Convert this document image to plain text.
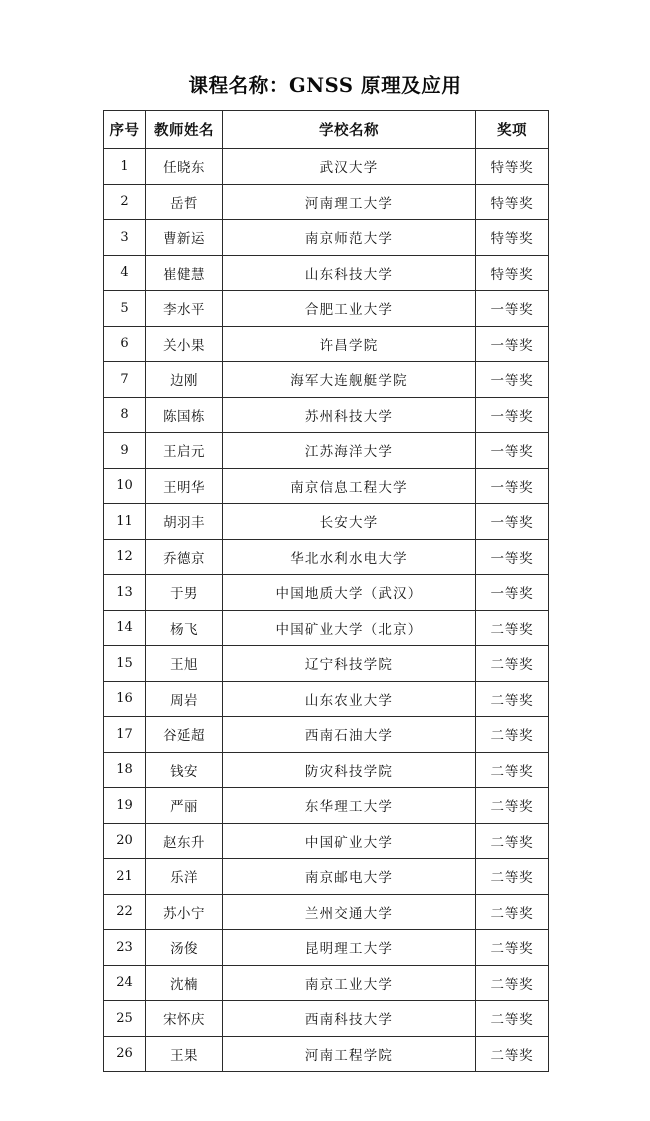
课程名称：GNSS 原理及应用
序号	教师姓名	学校名称	奖项
1	任晓东	武汉大学	特等奖
2	岳哲	河南理工大学	特等奖
3	曹新运	南京师范大学	特等奖
4	崔健慧	山东科技大学	特等奖
5	李水平	合肥工业大学	一等奖
6	关小果	许昌学院	一等奖
7	边刚	海军大连舰艇学院	一等奖
8	陈国栋	苏州科技大学	一等奖
9	王启元	江苏海洋大学	一等奖
10	王明华	南京信息工程大学	一等奖
11	胡羽丰	长安大学	一等奖
12	乔德京	华北水利水电大学	一等奖
13	于男	中国地质大学（武汉）	一等奖
14	杨飞	中国矿业大学（北京）	二等奖
15	王旭	辽宁科技学院	二等奖
16	周岩	山东农业大学	二等奖
17	谷延超	西南石油大学	二等奖
18	钱安	防灾科技学院	二等奖
19	严丽	东华理工大学	二等奖
20	赵东升	中国矿业大学	二等奖
21	乐洋	南京邮电大学	二等奖
22	苏小宁	兰州交通大学	二等奖
23	汤俊	昆明理工大学	二等奖
24	沈楠	南京工业大学	二等奖
25	宋怀庆	西南科技大学	二等奖
26	王果	河南工程学院	二等奖
